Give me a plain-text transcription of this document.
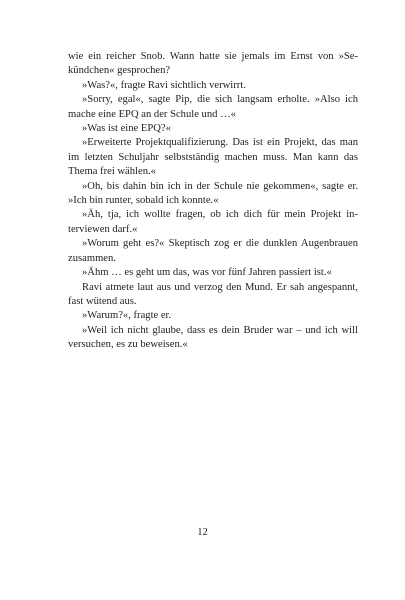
wie ein reicher Snob. Wann hatte sie jemals im Ernst von »Sekündchen« gesprochen?

»Was?«, fragte Ravi sichtlich verwirrt.

»Sorry, egal«, sagte Pip, die sich langsam erholte. »Also ich mache eine EPQ an der Schule und …«

»Was ist eine EPQ?«

»Erweiterte Projektqualifizierung. Das ist ein Projekt, das man im letzten Schuljahr selbstständig machen muss. Man kann das Thema frei wählen.«

»Oh, bis dahin bin ich in der Schule nie gekommen«, sagte er. »Ich bin runter, sobald ich konnte.«

»Äh, tja, ich wollte fragen, ob ich dich für mein Projekt interviewen darf.«

»Worum geht es?« Skeptisch zog er die dunklen Augenbrauen zusammen.

»Ähm … es geht um das, was vor fünf Jahren passiert ist.«

Ravi atmete laut aus und verzog den Mund. Er sah angespannt, fast wütend aus.

»Warum?«, fragte er.

»Weil ich nicht glaube, dass es dein Bruder war – und ich will versuchen, es zu beweisen.«

12
